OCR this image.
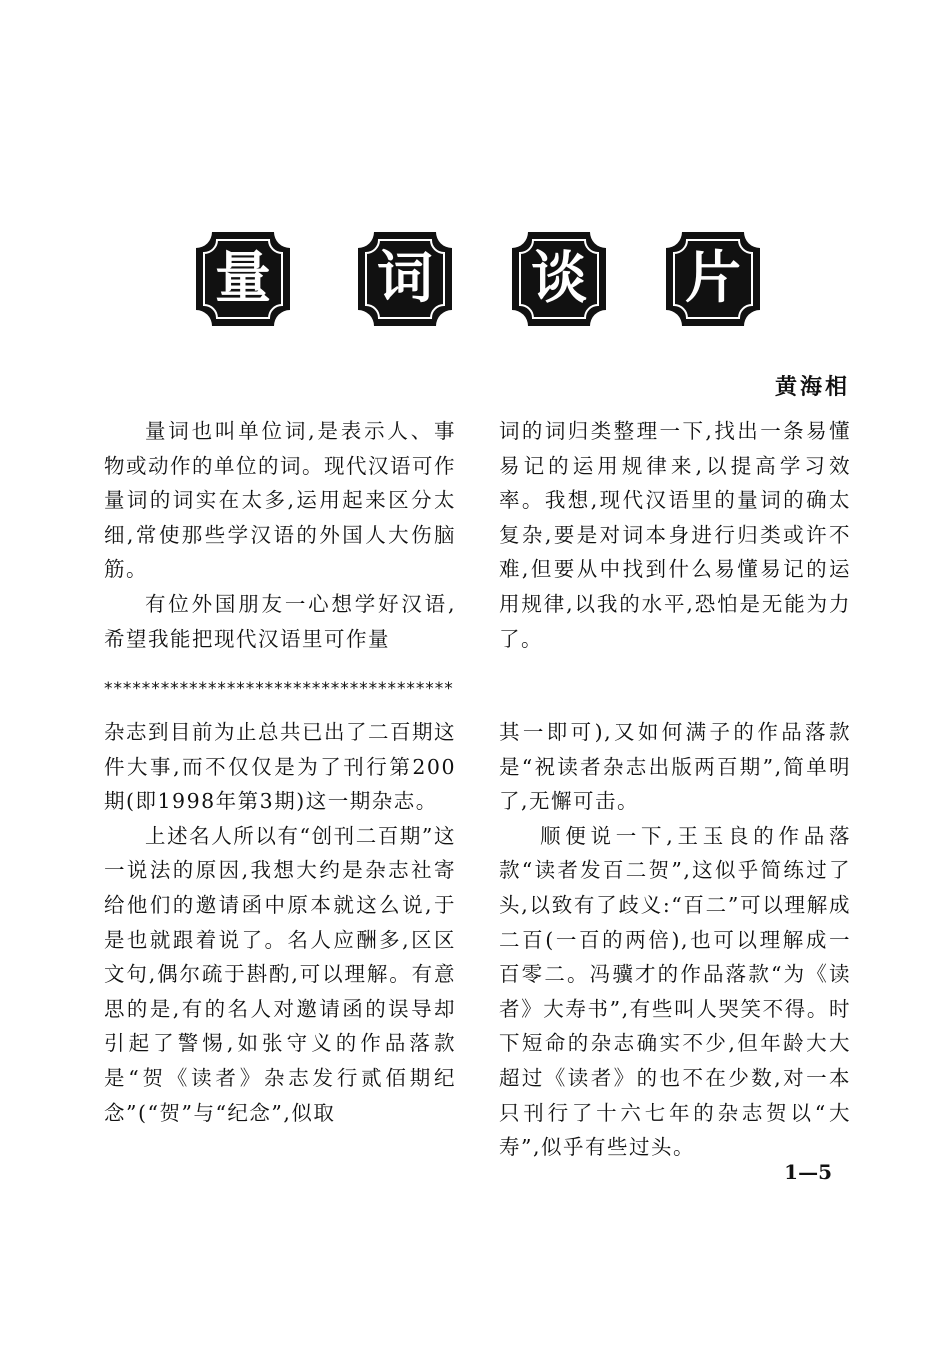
量	词	谈	片
黄海相

量词也叫单位词,是表示人、事物或动作的单位的词。现代汉语可作量词的词实在太多,运用起来区分太细,常使那些学汉语的外国人大伤脑筋。

有位外国朋友一心想学好汉语,希望我能把现代汉语里可作量

词的词归类整理一下,找出一条易懂易记的运用规律来,以提高学习效率。我想,现代汉语里的量词的确太复杂,要是对词本身进行归类或许不难,但要从中找到什么易懂易记的运用规律,以我的水平,恐怕是无能为力了。

*************************************

杂志到目前为止总共已出了二百期这件大事,而不仅仅是为了刊行第200期(即1998年第3期)这一期杂志。

上述名人所以有“创刊二百期”这一说法的原因,我想大约是杂志社寄给他们的邀请函中原本就这么说,于是也就跟着说了。名人应酬多,区区文句,偶尔疏于斟酌,可以理解。有意思的是,有的名人对邀请函的误导却引起了警惕,如张守义的作品落款是“贺《读者》杂志发行贰佰期纪念”(“贺”与“纪念”,似取

其一即可),又如何满子的作品落款是“祝读者杂志出版两百期”,简单明了,无懈可击。

顺便说一下,王玉良的作品落款“读者发百二贺”,这似乎简练过了头,以致有了歧义:“百二”可以理解成二百(一百的两倍),也可以理解成一百零二。冯骥才的作品落款“为《读者》大寿书”,有些叫人哭笑不得。时下短命的杂志确实不少,但年龄大大超过《读者》的也不在少数,对一本只刊行了十六七年的杂志贺以“大寿”,似乎有些过头。

1—5
